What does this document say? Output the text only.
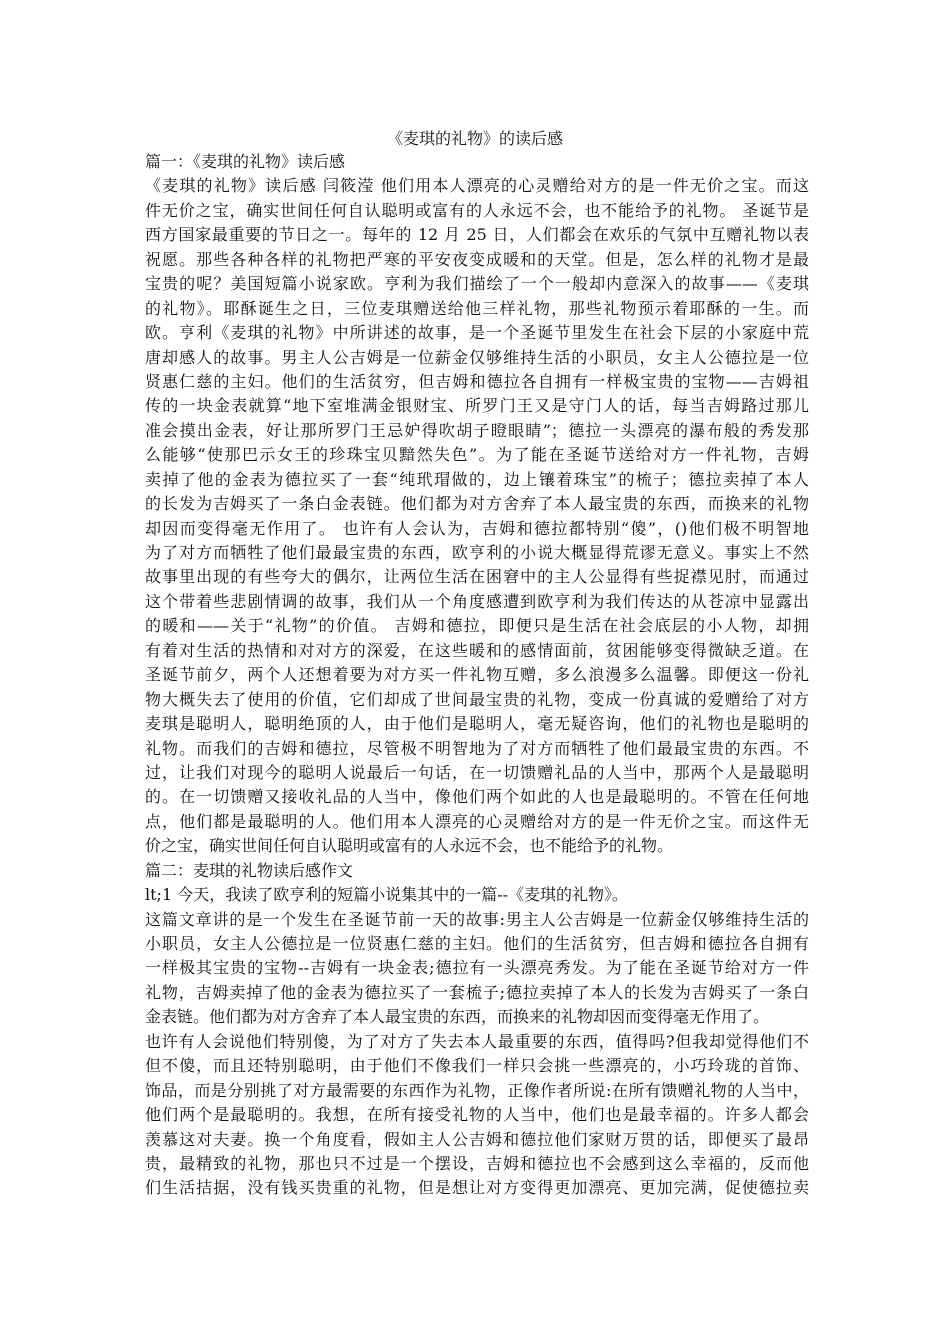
《麦琪的礼物》的读后感
篇一：《麦琪的礼物》读后感
《麦琪的礼物》读后感 闫筱滢 他们用本人漂亮的心灵赠给对方的是一件无价之宝。而这
件无价之宝，确实世间任何自认聪明或富有的人永远不会，也不能给予的礼物。 圣诞节是
西方国家最重要的节日之一。每年的 12 月 25 日，人们都会在欢乐的气氛中互赠礼物以表
祝愿。那些各种各样的礼物把严寒的平安夜变成暖和的天堂。但是，怎么样的礼物才是最
宝贵的呢？美国短篇小说家欧。亨利为我们描绘了一个一般却内意深入的故事——《麦琪
的礼物》。耶酥诞生之日，三位麦琪赠送给他三样礼物，那些礼物预示着耶酥的一生。而
欧。亨利《麦琪的礼物》中所讲述的故事，是一个圣诞节里发生在社会下层的小家庭中荒
唐却感人的故事。男主人公吉姆是一位薪金仅够维持生活的小职员，女主人公德拉是一位
贤惠仁慈的主妇。他们的生活贫穷，但吉姆和德拉各自拥有一样极宝贵的宝物——吉姆祖
传的一块金表就算“地下室堆满金银财宝、所罗门王又是守门人的话，每当吉姆路过那儿
准会摸出金表，好让那所罗门王忌妒得吹胡子瞪眼睛”；德拉一头漂亮的瀑布般的秀发那
么能够“使那巴示女王的珍珠宝贝黯然失色”。为了能在圣诞节送给对方一件礼物，吉姆
卖掉了他的金表为德拉买了一套“纯玳瑁做的，边上镶着珠宝”的梳子；德拉卖掉了本人
的长发为吉姆买了一条白金表链。他们都为对方舍弃了本人最宝贵的东西，而换来的礼物
却因而变得毫无作用了。 也许有人会认为，吉姆和德拉都特别“傻”，()他们极不明智地
为了对方而牺牲了他们最最宝贵的东西，欧亨利的小说大概显得荒谬无意义。事实上不然
故事里出现的有些夸大的偶尔，让两位生活在困窘中的主人公显得有些捉襟见肘，而通过
这个带着些悲剧情调的故事，我们从一个角度感遭到欧亨利为我们传达的从苍凉中显露出
的暖和——关于“礼物”的价值。 吉姆和德拉，即便只是生活在社会底层的小人物，却拥
有着对生活的热情和对对方的深爱，在这些暖和的感情面前，贫困能够变得微缺乏道。在
圣诞节前夕，两个人还想着要为对方买一件礼物互赠，多么浪漫多么温馨。即便这一份礼
物大概失去了使用的价值，它们却成了世间最宝贵的礼物，变成一份真诚的爱赠给了对方
麦琪是聪明人，聪明绝顶的人，由于他们是聪明人，毫无疑咨询，他们的礼物也是聪明的
礼物。而我们的吉姆和德拉，尽管极不明智地为了对方而牺牲了他们最最宝贵的东西。不
过，让我们对现今的聪明人说最后一句话，在一切馈赠礼品的人当中，那两个人是最聪明
的。在一切馈赠又接收礼品的人当中，像他们两个如此的人也是最聪明的。不管在任何地
点，他们都是最聪明的人。他们用本人漂亮的心灵赠给对方的是一件无价之宝。而这件无
价之宝，确实世间任何自认聪明或富有的人永远不会，也不能给予的礼物。
篇二：麦琪的礼物读后感作文
lt;1 今天，我读了欧亨利的短篇小说集其中的一篇--《麦琪的礼物》。
这篇文章讲的是一个发生在圣诞节前一天的故事:男主人公吉姆是一位薪金仅够维持生活的
小职员，女主人公德拉是一位贤惠仁慈的主妇。他们的生活贫穷，但吉姆和德拉各自拥有
一样极其宝贵的宝物--吉姆有一块金表;德拉有一头漂亮秀发。为了能在圣诞节给对方一件
礼物，吉姆卖掉了他的金表为德拉买了一套梳子;德拉卖掉了本人的长发为吉姆买了一条白
金表链。他们都为对方舍弃了本人最宝贵的东西，而换来的礼物却因而变得毫无作用了。
也许有人会说他们特别傻，为了对方了失去本人最重要的东西，值得吗?但我却觉得他们不
但不傻，而且还特别聪明，由于他们不像我们一样只会挑一些漂亮的，小巧玲珑的首饰、
饰品，而是分别挑了对方最需要的东西作为礼物，正像作者所说:在所有馈赠礼物的人当中，
他们两个是最聪明的。我想，在所有接受礼物的人当中，他们也是最幸福的。许多人都会
羡慕这对夫妻。换一个角度看，假如主人公吉姆和德拉他们家财万贯的话，即便买了最昂
贵，最精致的礼物，那也只不过是一个摆设，吉姆和德拉也不会感到这么幸福的，反而他
们生活拮据，没有钱买贵重的礼物，但是想让对方变得更加漂亮、更加完满，促使德拉卖
